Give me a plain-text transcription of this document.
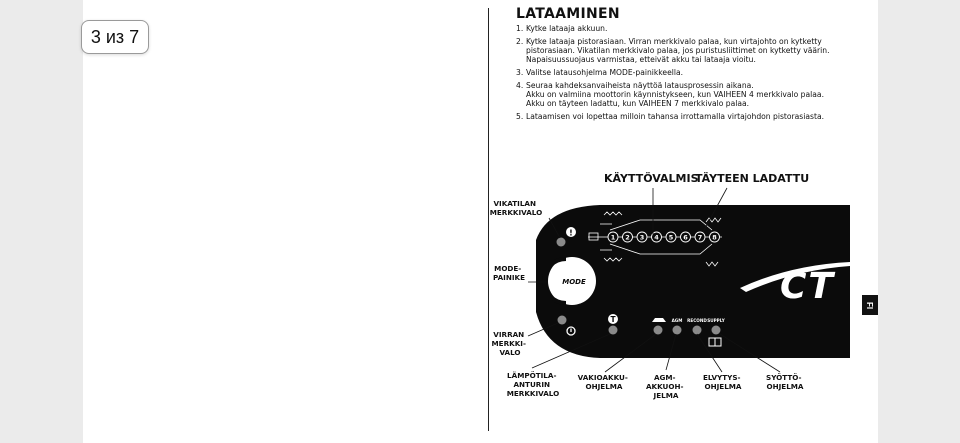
3 из 7
LATAAMINEN
1. Kytke lataaja akkuun.
2. Kytke lataaja pistorasiaan. Virran merkkivalo palaa, kun virtajohto on kytketty
pistorasiaan. Vikatilan merkkivalo palaa, jos puristusliittimet on kytketty väärin.
Napaisuussuojaus varmistaa, etteivät akku tai lataaja vioitu.
3. Valitse latausohjelma MODE-painikkeella.
4. Seuraa kahdeksanvaiheista näyttöä latausprosessin aikana.
Akku on valmiina moottorin käynnistykseen, kun VAIHEEN 4 merkkivalo palaa.
Akku on täyteen ladattu, kun VAIHEEN 7 merkkivalo palaa.
5. Lataamisen voi lopettaa milloin tahansa irrottamalla virtajohdon pistorasiasta.
1 2 3 4 5 6 7 8
CT
!
MODE
T	AGM RECOND SUPPLY
KÄYTTÖVALMIS
TÄYTEEN LADATTU
VIKATILAN MERKKIVALO
MODE- PAINIKE
VIRRAN MERKKI- VALO
LÄMPÖTILA- ANTURIN MERKKIVALO
VAKIOAKKU- OHJELMA
AGM- AKKUOH- JELMA
ELVYTYS- OHJELMA
SYÖTTÖ- OHJELMA
FI
